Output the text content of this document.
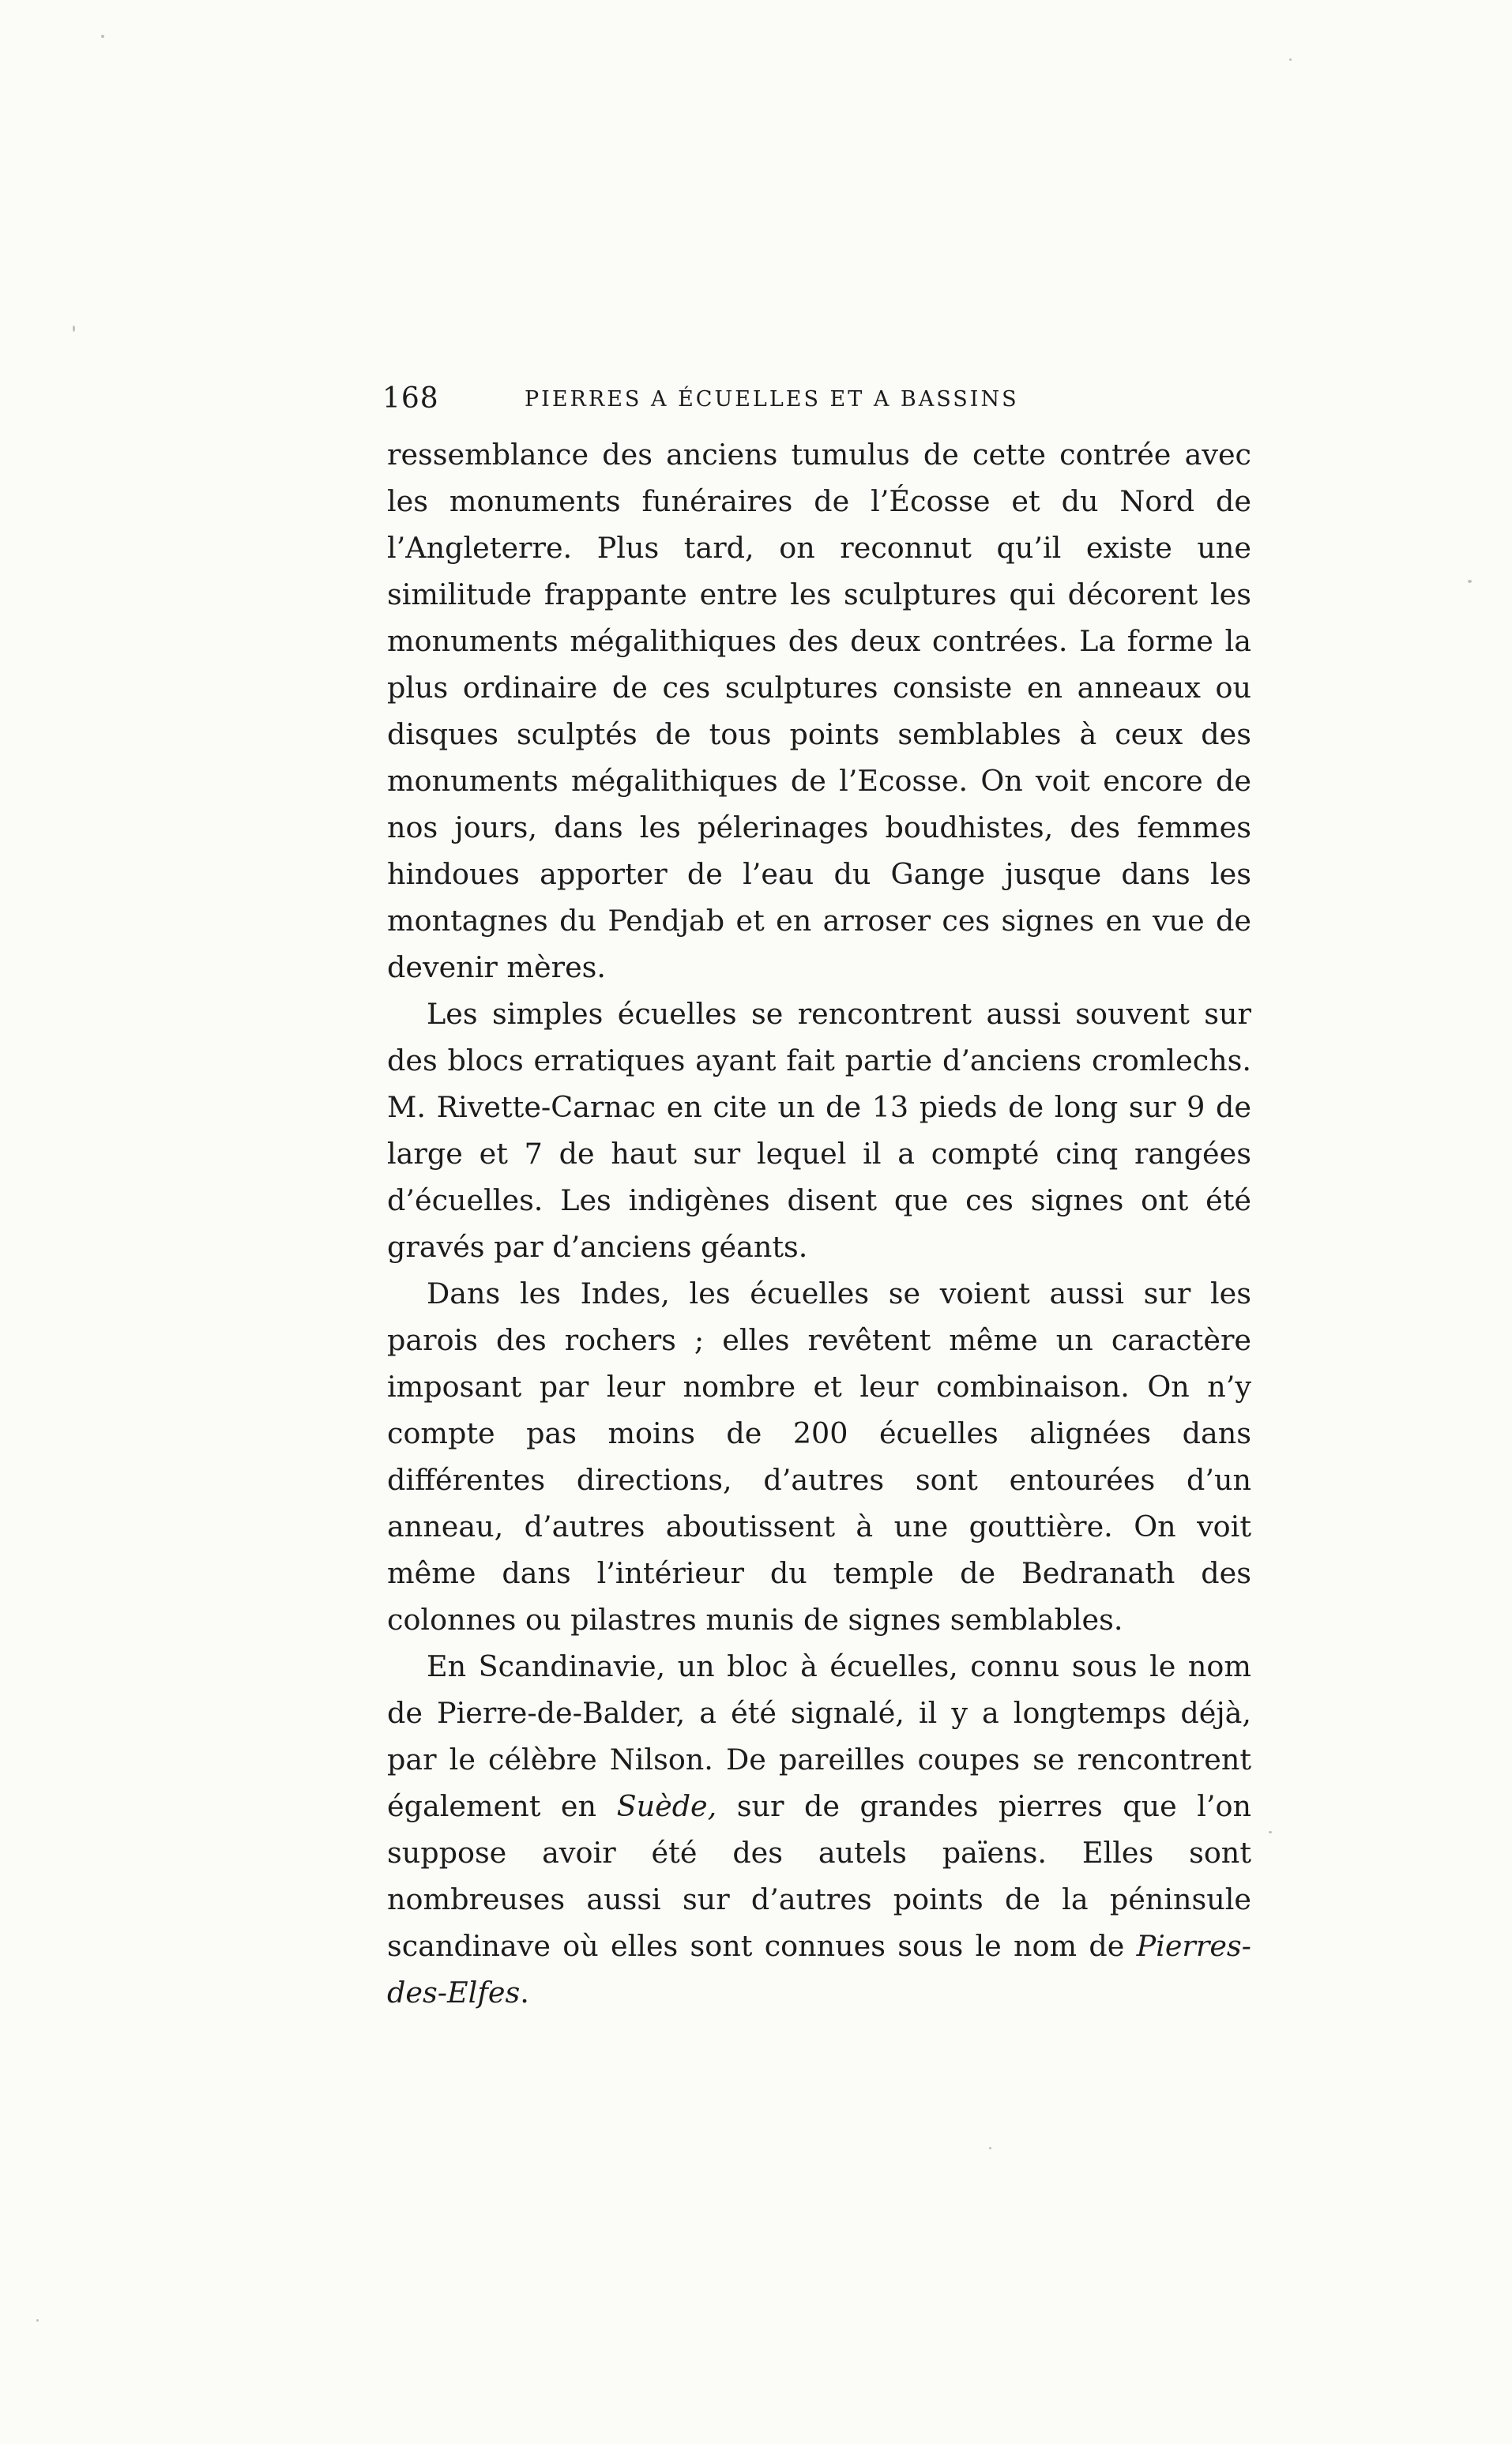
168	PIERRES A ÉCUELLES ET A BASSINS

ressemblance des anciens tumulus de cette contrée avec les monuments funéraires de l’Écosse et du Nord de l’Angleterre. Plus tard, on reconnut qu’il existe une similitude frappante entre les sculptures qui décorent les monuments mégalithiques des deux contrées. La forme la plus ordinaire de ces sculptures consiste en anneaux ou disques sculptés de tous points semblables à ceux des monuments mégalithiques de l’Ecosse. On voit encore de nos jours, dans les pélerinages boudhistes, des femmes hindoues apporter de l’eau du Gange jusque dans les montagnes du Pendjab et en arroser ces signes en vue de devenir mères.

Les simples écuelles se rencontrent aussi souvent sur des blocs erratiques ayant fait partie d’anciens cromlechs. M. Rivette-Carnac en cite un de 13 pieds de long sur 9 de large et 7 de haut sur lequel il a compté cinq rangées d’écuelles. Les indigènes disent que ces signes ont été gravés par d’anciens géants.

Dans les Indes, les écuelles se voient aussi sur les parois des rochers ; elles revêtent même un caractère imposant par leur nombre et leur combinaison. On n’y compte pas moins de 200 écuelles alignées dans différentes directions, d’autres sont entourées d’un anneau, d’autres aboutissent à une gouttière. On voit même dans l’intérieur du temple de Bedranath des colonnes ou pilastres munis de signes semblables.

En Scandinavie, un bloc à écuelles, connu sous le nom de Pierre-de-Balder, a été signalé, il y a longtemps déjà, par le célèbre Nilson. De pareilles coupes se rencontrent également en Suède, sur de grandes pierres que l’on suppose avoir été des autels païens. Elles sont nombreuses aussi sur d’autres points de la péninsule scandinave où elles sont connues sous le nom de Pierres-des-Elfes.
